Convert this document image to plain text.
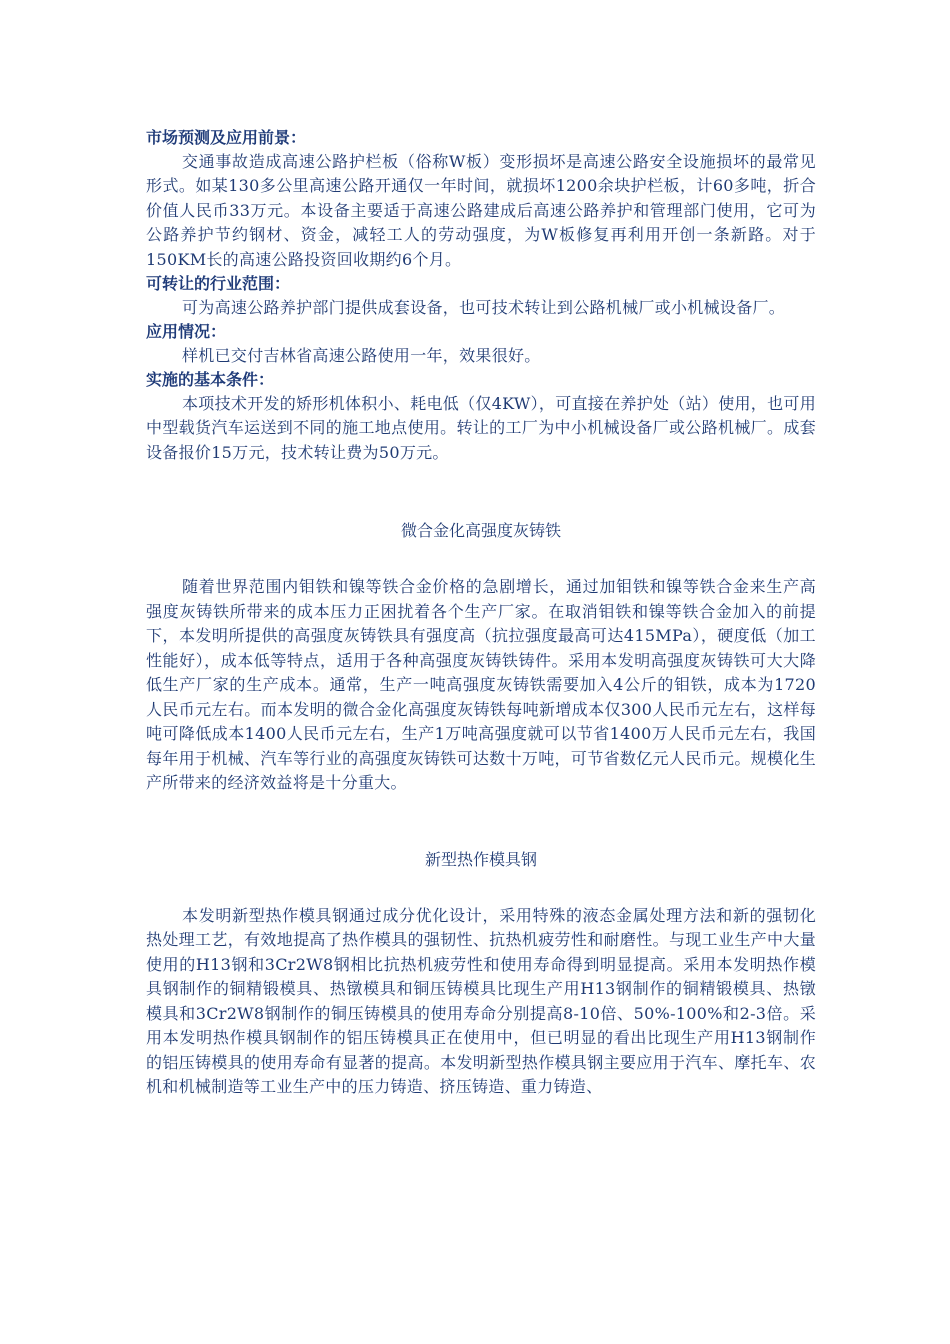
市场预测及应用前景：

交通事故造成高速公路护栏板（俗称W板）变形损坏是高速公路安全设施损坏的最常见形式。如某130多公里高速公路开通仅一年时间，就损坏1200余块护栏板，计60多吨，折合价值人民币33万元。本设备主要适于高速公路建成后高速公路养护和管理部门使用，它可为公路养护节约钢材、资金，减轻工人的劳动强度，为W板修复再利用开创一条新路。对于150KM长的高速公路投资回收期约6个月。

可转让的行业范围：

可为高速公路养护部门提供成套设备，也可技术转让到公路机械厂或小机械设备厂。

应用情况：

样机已交付吉林省高速公路使用一年，效果很好。

实施的基本条件：

本项技术开发的矫形机体积小、耗电低（仅4KW），可直接在养护处（站）使用，也可用中型载货汽车运送到不同的施工地点使用。转让的工厂为中小机械设备厂或公路机械厂。成套设备报价15万元，技术转让费为50万元。

微合金化高强度灰铸铁

随着世界范围内钼铁和镍等铁合金价格的急剧增长，通过加钼铁和镍等铁合金来生产高强度灰铸铁所带来的成本压力正困扰着各个生产厂家。在取消钼铁和镍等铁合金加入的前提下，本发明所提供的高强度灰铸铁具有强度高（抗拉强度最高可达415MPa），硬度低（加工性能好），成本低等特点，适用于各种高强度灰铸铁铸件。采用本发明高强度灰铸铁可大大降低生产厂家的生产成本。通常，生产一吨高强度灰铸铁需要加入4公斤的钼铁，成本为1720人民币元左右。而本发明的微合金化高强度灰铸铁每吨新增成本仅300人民币元左右，这样每吨可降低成本1400人民币元左右，生产1万吨高强度就可以节省1400万人民币元左右，我国每年用于机械、汽车等行业的高强度灰铸铁可达数十万吨，可节省数亿元人民币元。规模化生产所带来的经济效益将是十分重大。

新型热作模具钢

本发明新型热作模具钢通过成分优化设计，采用特殊的液态金属处理方法和新的强韧化热处理工艺，有效地提高了热作模具的强韧性、抗热机疲劳性和耐磨性。与现工业生产中大量使用的H13钢和3Cr2W8钢相比抗热机疲劳性和使用寿命得到明显提高。采用本发明热作模具钢制作的铜精锻模具、热镦模具和铜压铸模具比现生产用H13钢制作的铜精锻模具、热镦模具和3Cr2W8钢制作的铜压铸模具的使用寿命分别提高8-10倍、50%-100%和2-3倍。采用本发明热作模具钢制作的铝压铸模具正在使用中，但已明显的看出比现生产用H13钢制作的铝压铸模具的使用寿命有显著的提高。本发明新型热作模具钢主要应用于汽车、摩托车、农机和机械制造等工业生产中的压力铸造、挤压铸造、重力铸造、
